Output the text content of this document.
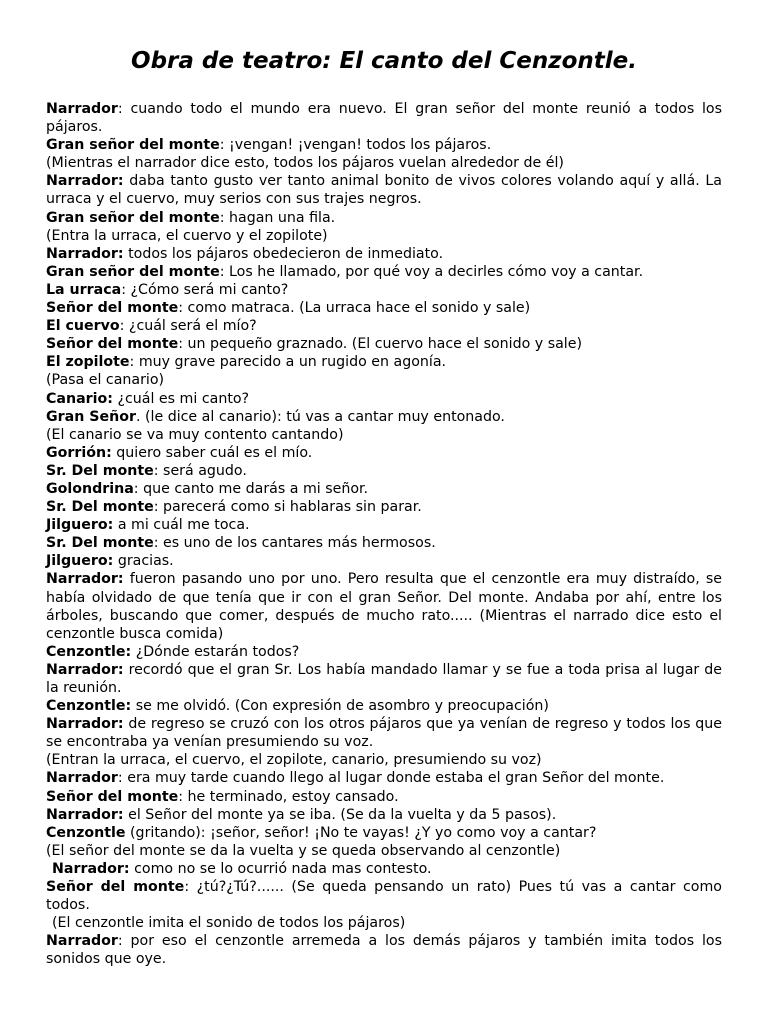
Obra de teatro: El canto del Cenzontle.

Narrador: cuando todo el mundo era nuevo. El gran señor del monte reunió a todos los pájaros.

Gran señor del monte: ¡vengan! ¡vengan! todos los pájaros.

(Mientras el narrador dice esto, todos los pájaros vuelan alrededor de él)

Narrador: daba tanto gusto ver tanto animal bonito de vivos colores volando aquí y allá. La urraca y el cuervo, muy serios con sus trajes negros.

Gran señor del monte: hagan una fila.

(Entra la urraca, el cuervo y el zopilote)

Narrador: todos los pájaros obedecieron de inmediato.

Gran señor del monte: Los he llamado, por qué voy a decirles cómo voy a cantar.

La urraca: ¿Cómo será mi canto?

Señor del monte: como matraca. (La urraca hace el sonido y sale)

El cuervo: ¿cuál será el mío?

Señor del monte: un pequeño graznado. (El cuervo hace el sonido y sale)

El zopilote: muy grave parecido a un rugido en agonía.

(Pasa el canario)

Canario: ¿cuál es mi canto?

Gran Señor. (le dice al canario): tú vas a cantar muy entonado.

(El canario se va muy contento cantando)

Gorrión: quiero saber cuál es el mío.

Sr. Del monte: será agudo.

Golondrina: que canto me darás a mi señor.

Sr. Del monte: parecerá como si hablaras sin parar.

Jilguero: a mi cuál me toca.

Sr. Del monte: es uno de los cantares más hermosos.

Jilguero: gracias.

Narrador: fueron pasando uno por uno. Pero resulta que el cenzontle era muy distraído, se había olvidado de que tenía que ir con el gran Señor. Del monte. Andaba por ahí, entre los árboles, buscando que comer, después de mucho rato..... (Mientras el narrado dice esto el cenzontle busca comida)

Cenzontle: ¿Dónde estarán todos?

Narrador: recordó que el gran Sr. Los había mandado llamar y se fue a toda prisa al lugar de la reunión.

Cenzontle: se me olvidó. (Con expresión de asombro y preocupación)

Narrador: de regreso se cruzó con los otros pájaros que ya venían de regreso y todos los que se encontraba ya venían presumiendo su voz.

(Entran la urraca, el cuervo, el zopilote, canario, presumiendo su voz)

Narrador: era muy tarde cuando llego al lugar donde estaba el gran Señor del monte.

Señor del monte: he terminado, estoy cansado.

Narrador: el Señor del monte ya se iba. (Se da la vuelta y da 5 pasos).

Cenzontle (gritando): ¡señor, señor! ¡No te vayas! ¿Y yo como voy a cantar?

(El señor del monte se da la vuelta y se queda observando al cenzontle)

Narrador: como no se lo ocurrió nada mas contesto.

Señor del monte: ¿tú?¿Tú?...... (Se queda pensando un rato) Pues tú vas a cantar como todos.

(El cenzontle imita el sonido de todos los pájaros)

Narrador: por eso el cenzontle arremeda a los demás pájaros y también imita todos los sonidos que oye.
